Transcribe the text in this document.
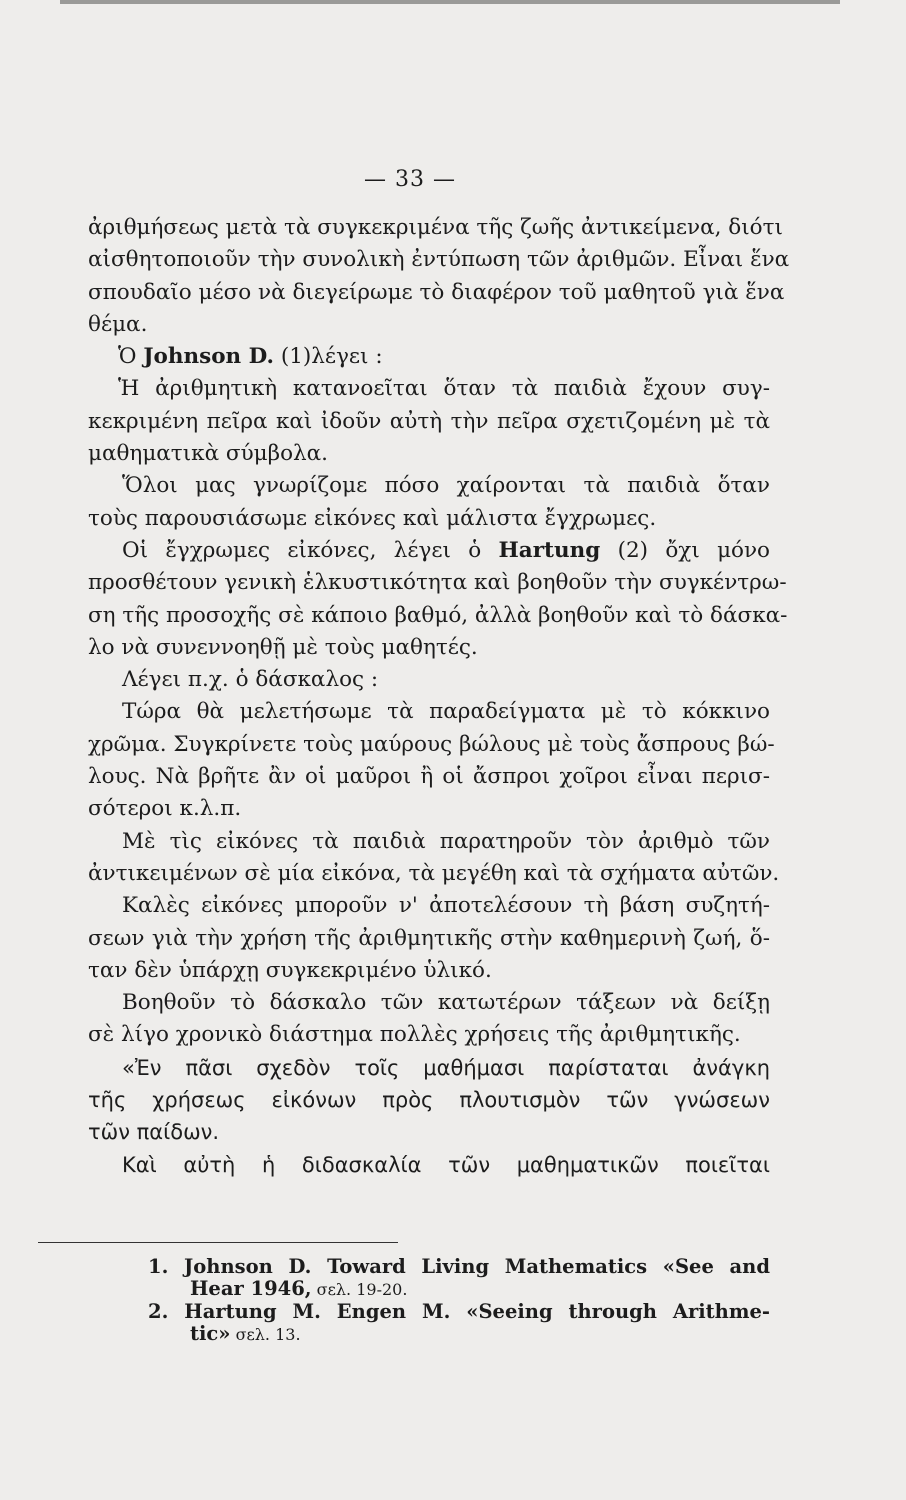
— 33 —
ἀριθμήσεως μετὰ τὰ συγκεκριμένα τῆς ζωῆς ἀντικείμενα, διότι
αἰσθητοποιοῦν τὴν συνολικὴ ἐντύπωση τῶν ἀριθμῶν. Εἶναι ἕνα
σπουδαῖο μέσο νὰ διεγείρωμε τὸ διαφέρον τοῦ μαθητοῦ γιὰ ἕνα
θέμα.
Ὁ Johnson D. (1)λέγει :
Ἡ ἀριθμητικὴ κατανοεῖται ὅταν τὰ παιδιὰ ἔχουν συγ-
κεκριμένη πεῖρα καὶ ἰδοῦν αὐτὴ τὴν πεῖρα σχετιζομένη μὲ τὰ
μαθηματικὰ σύμβολα.
Ὅλοι μας γνωρίζομε πόσο χαίρονται τὰ παιδιὰ ὅταν
τοὺς παρουσιάσωμε εἰκόνες καὶ μάλιστα ἔγχρωμες.
Οἱ ἔγχρωμες εἰκόνες, λέγει ὁ Hartung (2) ὄχι μόνο
προσθέτουν γενικὴ ἑλκυστικότητα καὶ βοηθοῦν τὴν συγκέντρω-
ση τῆς προσοχῆς σὲ κάποιο βαθμό, ἀλλὰ βοηθοῦν καὶ τὸ δάσκα-
λο νὰ συνεννοηθῇ μὲ τοὺς μαθητές.
Λέγει π.χ. ὁ δάσκαλος :
Τώρα θὰ μελετήσωμε τὰ παραδείγματα μὲ τὸ κόκκινο
χρῶμα. Συγκρίνετε τοὺς μαύρους βώλους μὲ τοὺς ἄσπρους βώ-
λους. Νὰ βρῆτε ἂν οἱ μαῦροι ἢ οἱ ἄσπροι χοῖροι εἶναι περισ-
σότεροι κ.λ.π.
Μὲ τὶς εἰκόνες τὰ παιδιὰ παρατηροῦν τὸν ἀριθμὸ τῶν
ἀντικειμένων σὲ μία εἰκόνα, τὰ μεγέθη καὶ τὰ σχήματα αὐτῶν.
Καλὲς εἰκόνες μποροῦν ν' ἀποτελέσουν τὴ βάση συζητή-
σεων γιὰ τὴν χρήση τῆς ἀριθμητικῆς στὴν καθημερινὴ ζωή, ὅ-
ταν δὲν ὑπάρχῃ συγκεκριμένο ὑλικό.
Βοηθοῦν τὸ δάσκαλο τῶν κατωτέρων τάξεων νὰ δείξῃ
σὲ λίγο χρονικὸ διάστημα πολλὲς χρήσεις τῆς ἀριθμητικῆς.
«Ἐν πᾶσι σχεδὸν τοῖς μαθήμασι παρίσταται ἀνάγκη
τῆς χρήσεως εἰκόνων πρὸς πλουτισμὸν τῶν γνώσεων
τῶν παίδων.
Καὶ αὐτὴ ἡ διδασκαλία τῶν μαθηματικῶν ποιεῖται
1. Johnson D. Toward Living Mathematics «See and
Hear 1946, σελ. 19-20.
2. Hartung M. Engen M. «Seeing through Arithme-
tic» σελ. 13.
